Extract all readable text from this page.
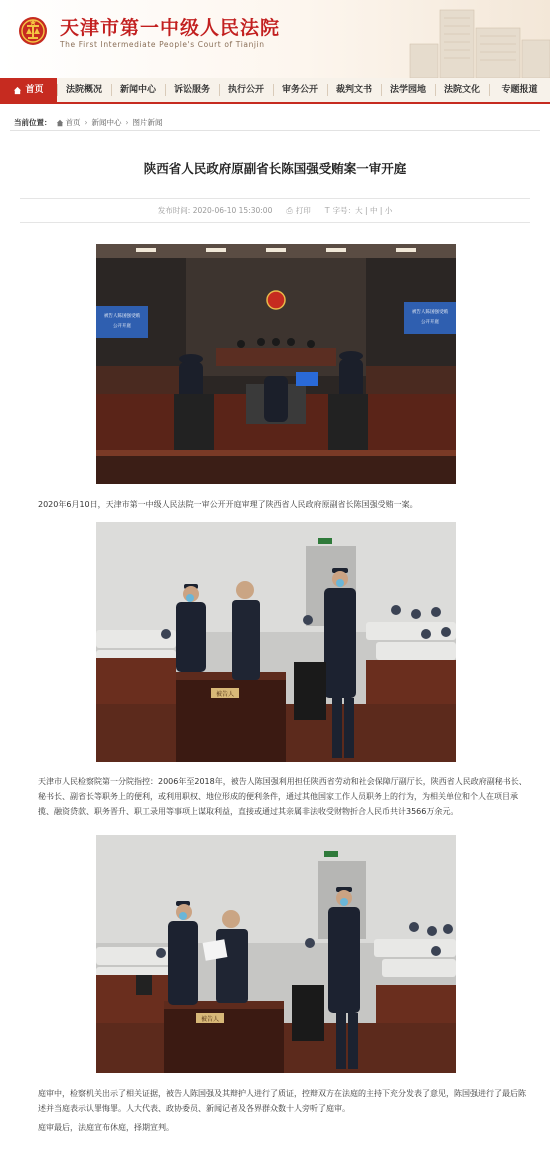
天津市第一中级人民法院
The First Intermediate People's Court of Tianjin
首页	法院概况	新闻中心	诉讼服务	执行公开	审务公开	裁判文书	法学园地	法院文化	专题报道
当前位置： 首页 › 新闻中心 › 图片新闻
陕西省人民政府原副省长陈国强受贿案一审开庭
发布时间: 2020-06-10 15:30:00 ⎙ 打印 T 字号：大 | 中 | 小
被告人陈国强受贿
公开开庭
被告人陈国强受贿
公开开庭
2020年6月10日，天津市第一中级人民法院一审公开开庭审理了陕西省人民政府原副省长陈国强受贿一案。
被告人
天津市人民检察院第一分院指控：2006年至2018年，被告人陈国强利用担任陕西省劳动和社会保障厅副厅长，陕西省人民政府副秘书长、秘书长、副省长等职务上的便利，或利用职权、地位形成的便利条件，通过其他国家工作人员职务上的行为，为相关单位和个人在项目承揽、融资贷款、职务晋升、职工录用等事项上谋取利益，直接或通过其亲属非法收受财物折合人民币共计3566万余元。
被告人
庭审中，检察机关出示了相关证据，被告人陈国强及其辩护人进行了质证，控辩双方在法庭的主持下充分发表了意见，陈国强进行了最后陈述并当庭表示认罪悔罪。人大代表、政协委员、新闻记者及各界群众数十人旁听了庭审。
庭审最后，法庭宣布休庭，择期宣判。
